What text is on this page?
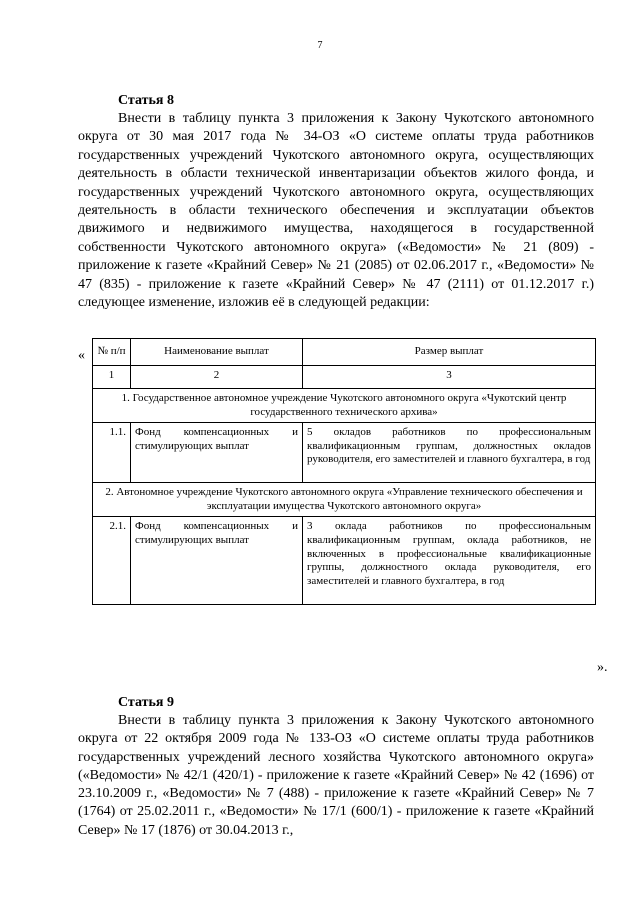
7

Статья 8

Внести в таблицу пункта 3 приложения к Закону Чукотского автономного округа от 30 мая 2017 года № 34-ОЗ «О системе оплаты труда работников государственных учреждений Чукотского автономного округа, осуществляющих деятельность в области технической инвентаризации объектов жилого фонда, и государственных учреждений Чукотского автономного округа, осуществляющих деятельность в области технического обеспечения и эксплуатации объектов движимого и недвижимого имущества, находящегося в государственной собственности Чукотского автономного округа» («Ведомости» № 21 (809) - приложение к газете «Крайний Север» № 21 (2085) от 02.06.2017 г., «Ведомости» № 47 (835) - приложение к газете «Крайний Север» № 47 (2111) от 01.12.2017 г.) следующее изменение, изложив её в следующей редакции:

« № п/п	Наименование выплат	Размер выплат
1	2	3
1. Государственное автономное учреждение Чукотского автономного округа «Чукотский центр государственного технического архива»		
1.1.	Фонд компенсационных и стимулирующих выплат	5 окладов работников по профессиональным квалификационным группам, должностных окладов руководителя, его заместителей и главного бухгалтера, в год
2. Автономное учреждение Чукотского автономного округа «Управление технического обеспечения и эксплуатации имущества Чукотского автономного округа»		
2.1.	Фонд компенсационных и стимулирующих выплат	3 оклада работников по профессиональным квалификационным группам, оклада работников, не включенных в профессиональные квалификационные группы, должностного оклада руководителя, его заместителей и главного бухгалтера, в год
».

Статья 9

Внести в таблицу пункта 3 приложения к Закону Чукотского автономного округа от 22 октября 2009 года № 133-ОЗ «О системе оплаты труда работников государственных учреждений лесного хозяйства Чукотского автономного округа» («Ведомости» № 42/1 (420/1) - приложение к газете «Крайний Север» № 42 (1696) от 23.10.2009 г., «Ведомости» № 7 (488) - приложение к газете «Крайний Север» № 7 (1764) от 25.02.2011 г., «Ведомости» № 17/1 (600/1) - приложение к газете «Крайний Север» № 17 (1876) от 30.04.2013 г.,
